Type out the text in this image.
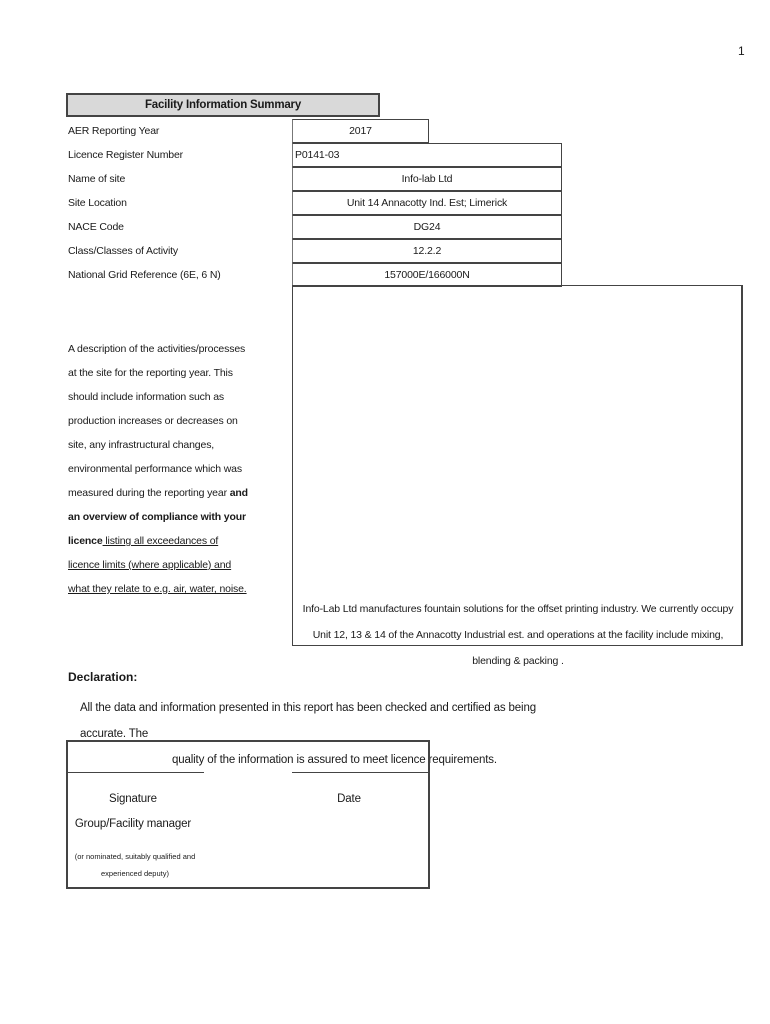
1
Facility Information Summary
AER Reporting Year
Licence Register Number
Name of site
Site Location
NACE Code
Class/Classes of Activity
National Grid Reference (6E, 6 N)
2017
P0141-03
Info-lab Ltd
Unit 14 Annacotty Ind. Est; Limerick
DG24
12.2.2
157000E/166000N
A description of the activities/processes at the site for the reporting year. This should include information such as production increases or decreases on site, any infrastructural changes, environmental performance which was measured during the reporting year and an overview of compliance with your licence listing all exceedances of licence limits (where applicable) and what they relate to e.g. air, water, noise.
Info-Lab Ltd manufactures fountain solutions for the offset printing industry. We currently occupy Unit 12, 13 & 14 of the Annacotty Industrial est. and operations at the facility include mixing, blending & packing .
Declaration:
All the data and information presented in this report has been checked and certified as being accurate. The
quality of the information is assured to meet licence requirements.
Signature	Date
Group/Facility manager
(or nominated, suitably qualified and experienced deputy)
